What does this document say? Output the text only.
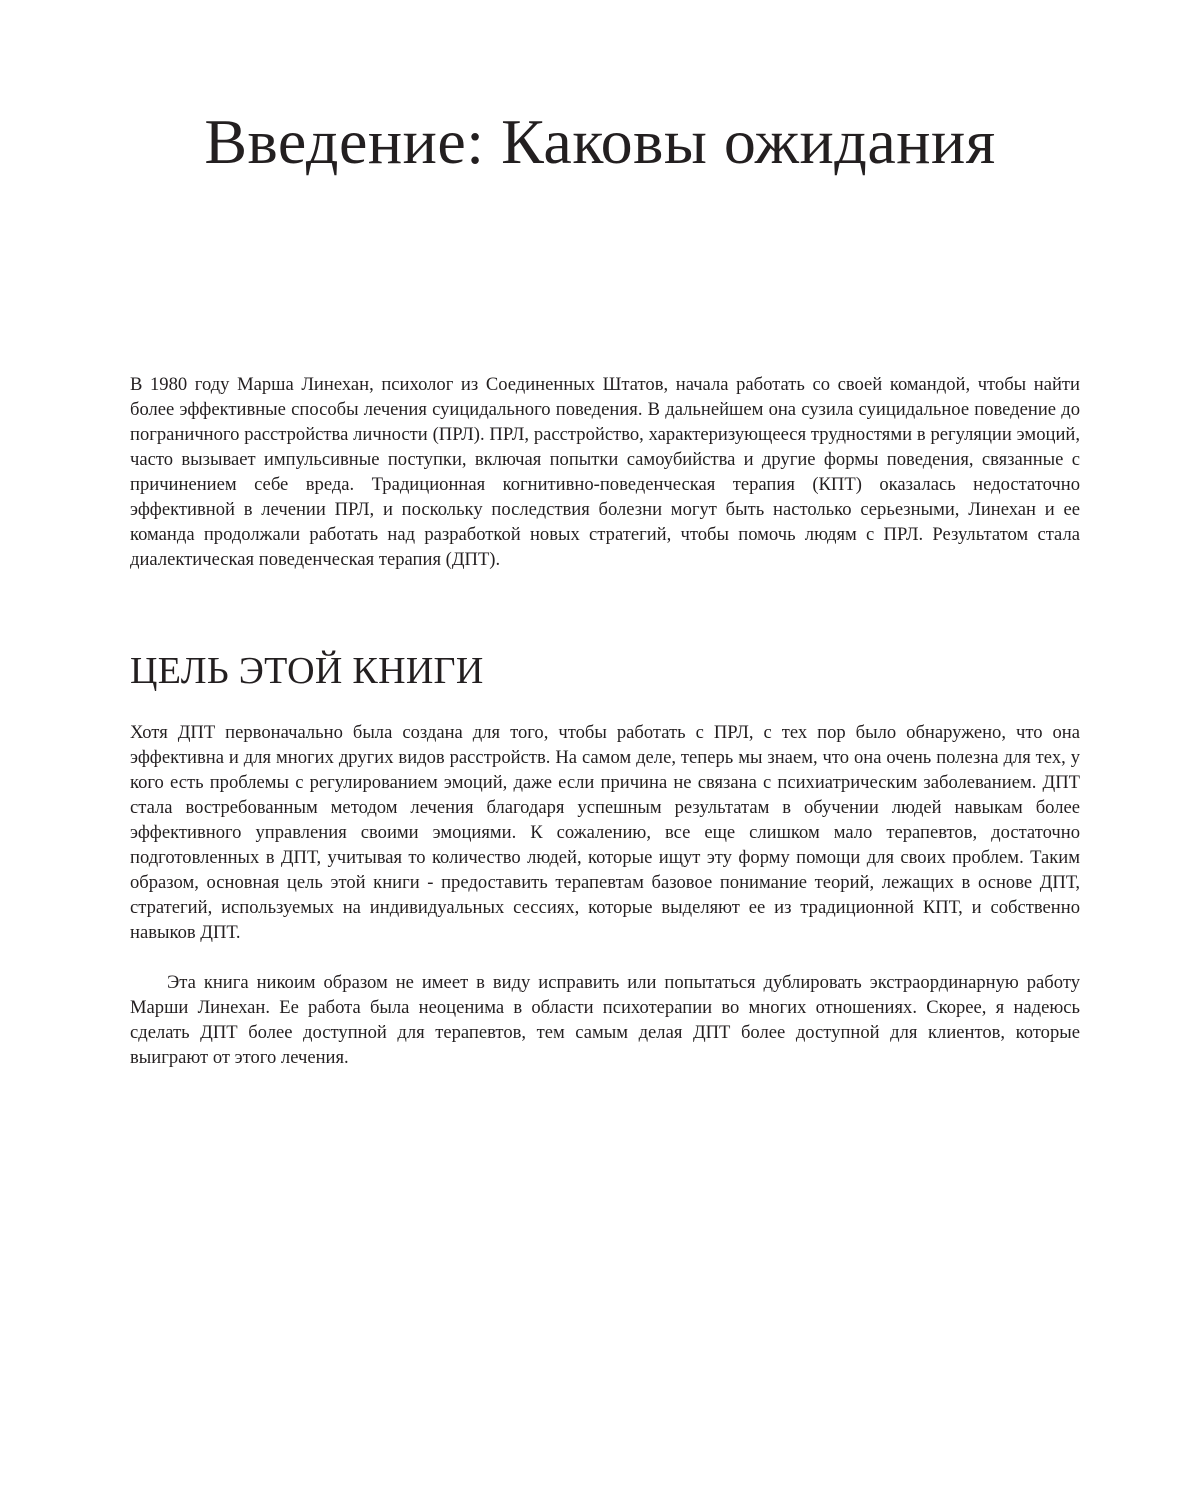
Введение: Каковы ожидания

В 1980 году Марша Линехан, психолог из Соединенных Штатов, начала работать со своей командой, чтобы найти более эффективные способы лечения суицидального поведения. В дальнейшем она сузила суицидальное поведение до пограничного расстройства личности (ПРЛ). ПРЛ, расстройство, характеризующееся трудностями в регуляции эмоций, часто вызывает импульсивные поступки, включая попытки самоубийства и другие формы поведения, связанные с причинением себе вреда. Традиционная когнитивно-поведенческая терапия (КПТ) оказалась недостаточно эффективной в лечении ПРЛ, и поскольку последствия болезни могут быть настолько серьезными, Линехан и ее команда продолжали работать над разработкой новых стратегий, чтобы помочь людям с ПРЛ. Результатом стала диалектическая поведенческая терапия (ДПТ).

ЦЕЛЬ ЭТОЙ КНИГИ

Хотя ДПТ первоначально была создана для того, чтобы работать с ПРЛ, с тех пор было обнаружено, что она эффективна и для многих других видов расстройств. На самом деле, теперь мы знаем, что она очень полезна для тех, у кого есть проблемы с регулированием эмоций, даже если причина не связана с психиатрическим заболеванием. ДПТ стала востребованным методом лечения благодаря успешным результатам в обучении людей навыкам более эффективного управления своими эмоциями. К сожалению, все еще слишком мало терапевтов, достаточно подготовленных в ДПТ, учитывая то количество людей, которые ищут эту форму помощи для своих проблем. Таким образом, основная цель этой книги - предоставить терапевтам базовое понимание теорий, лежащих в основе ДПТ, стратегий, используемых на индивидуальных сессиях, которые выделяют ее из традиционной КПТ, и собственно навыков ДПТ.

Эта книга никоим образом не имеет в виду исправить или попытаться дублировать экстраординарную работу Марши Линехан. Ее работа была неоценима в области психотерапии во многих отношениях. Скорее, я надеюсь сделать ДПТ более доступной для терапевтов, тем самым делая ДПТ более доступной для клиентов, которые выиграют от этого лечения.
